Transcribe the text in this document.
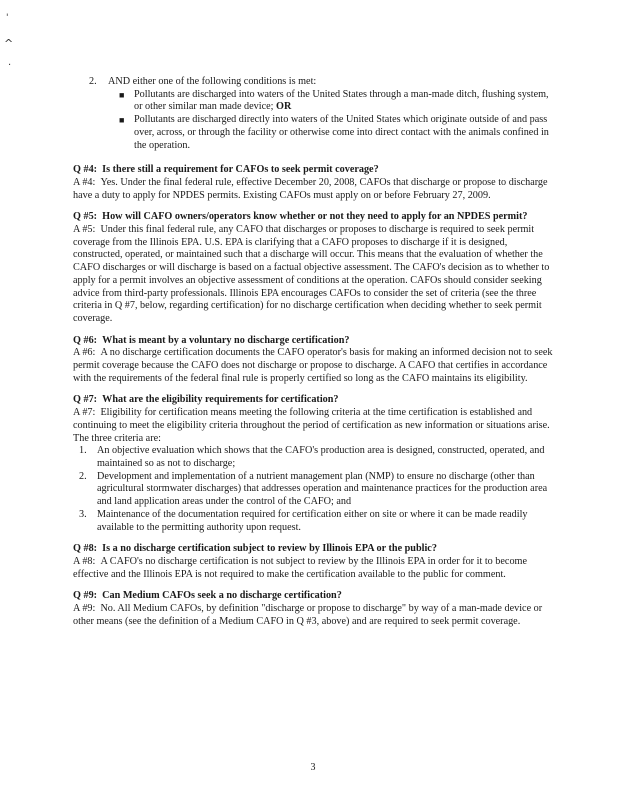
'
^
·
2. AND either one of the following conditions is met:
■ Pollutants are discharged into waters of the United States through a man-made ditch, flushing system, or other similar man made device; OR
■ Pollutants are discharged directly into waters of the United States which originate outside of and pass over, across, or through the facility or otherwise come into direct contact with the animals confined in the operation.
Q #4: Is there still a requirement for CAFOs to seek permit coverage?
A #4: Yes. Under the final federal rule, effective December 20, 2008, CAFOs that discharge or propose to discharge have a duty to apply for NPDES permits. Existing CAFOs must apply on or before February 27, 2009.
Q #5: How will CAFO owners/operators know whether or not they need to apply for an NPDES permit?
A #5: Under this final federal rule, any CAFO that discharges or proposes to discharge is required to seek permit coverage from the Illinois EPA. U.S. EPA is clarifying that a CAFO proposes to discharge if it is designed, constructed, operated, or maintained such that a discharge will occur. This means that the evaluation of whether the CAFO discharges or will discharge is based on a factual objective assessment. The CAFO's decision as to whether to apply for a permit involves an objective assessment of conditions at the operation. CAFOs should consider seeking advice from third-party professionals. Illinois EPA encourages CAFOs to consider the set of criteria (see the three criteria in Q #7, below, regarding certification) for no discharge certification when deciding whether to seek permit coverage.
Q #6: What is meant by a voluntary no discharge certification?
A #6: A no discharge certification documents the CAFO operator's basis for making an informed decision not to seek permit coverage because the CAFO does not discharge or propose to discharge. A CAFO that certifies in accordance with the requirements of the federal final rule is properly certified so long as the CAFO maintains its eligibility.
Q #7: What are the eligibility requirements for certification?
A #7: Eligibility for certification means meeting the following criteria at the time certification is established and continuing to meet the eligibility criteria throughout the period of certification as new information or situations arise. The three criteria are:
1. An objective evaluation which shows that the CAFO's production area is designed, constructed, operated, and maintained so as not to discharge;
2. Development and implementation of a nutrient management plan (NMP) to ensure no discharge (other than agricultural stormwater discharges) that addresses operation and maintenance practices for the production area and land application areas under the control of the CAFO; and
3. Maintenance of the documentation required for certification either on site or where it can be made readily available to the permitting authority upon request.
Q #8: Is a no discharge certification subject to review by Illinois EPA or the public?
A #8: A CAFO's no discharge certification is not subject to review by the Illinois EPA in order for it to become effective and the Illinois EPA is not required to make the certification available to the public for comment.
Q #9: Can Medium CAFOs seek a no discharge certification?
A #9: No. All Medium CAFOs, by definition "discharge or propose to discharge" by way of a man-made device or other means (see the definition of a Medium CAFO in Q #3, above) and are required to seek permit coverage.
3
